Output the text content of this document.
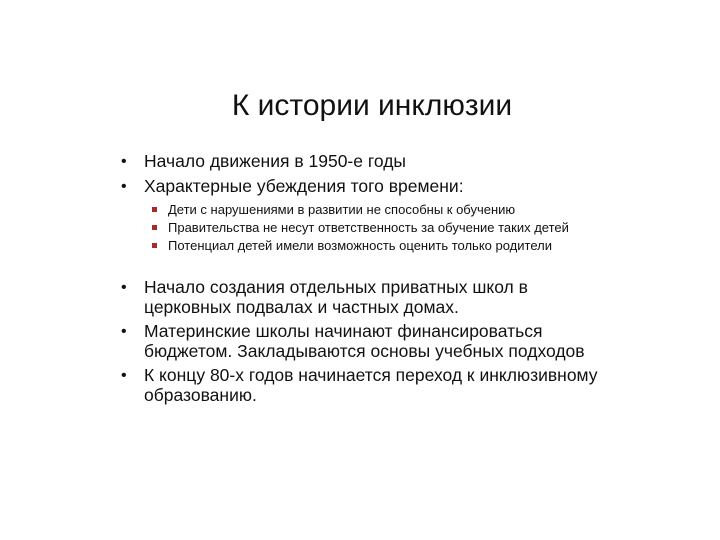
К истории инклюзии
• Начало движения в 1950-е годы
• Характерные убеждения того времени:
Дети с нарушениями в развитии не способны к обучению
Правительства не несут ответственность за обучение таких детей
Потенциал детей имели возможность оценить только родители
• Начало создания отдельных приватных школ в
церковных подвалах и частных домах.
• Материнские школы начинают финансироваться
бюджетом. Закладываются основы учебных подходов
• К концу 80-х годов начинается переход к инклюзивному
образованию.
